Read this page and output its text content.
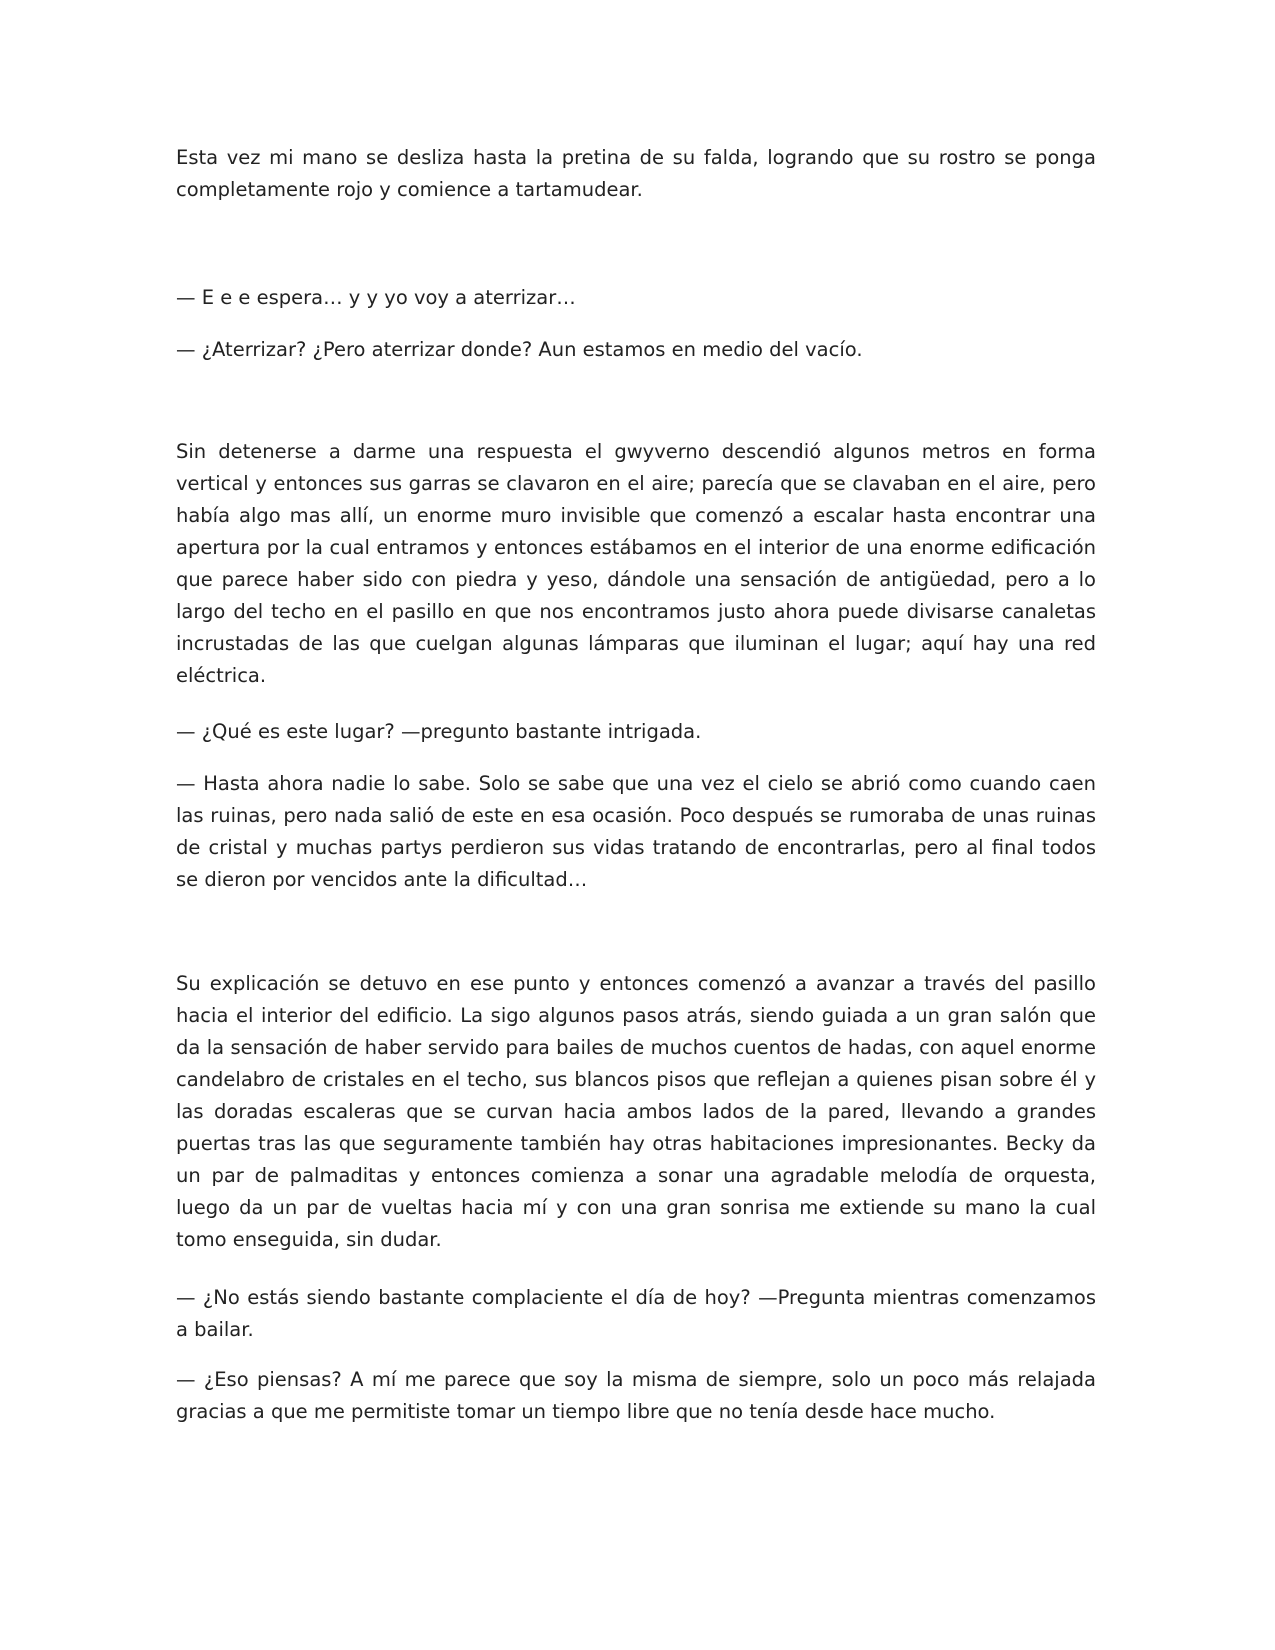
Esta vez mi mano se desliza hasta la pretina de su falda, logrando que su rostro se ponga completamente rojo y comience a tartamudear.

— E e e espera… y y yo voy a aterrizar…

— ¿Aterrizar? ¿Pero aterrizar donde? Aun estamos en medio del vacío.

Sin detenerse a darme una respuesta el gwyverno descendió algunos metros en forma vertical y entonces sus garras se clavaron en el aire; parecía que se clavaban en el aire, pero había algo mas allí, un enorme muro invisible que comenzó a escalar hasta encontrar una apertura por la cual entramos y entonces estábamos en el interior de una enorme edificación que parece haber sido con piedra y yeso, dándole una sensación de antigüedad, pero a lo largo del techo en el pasillo en que nos encontramos justo ahora puede divisarse canaletas incrustadas de las que cuelgan algunas lámparas que iluminan el lugar; aquí hay una red eléctrica.

— ¿Qué es este lugar? —pregunto bastante intrigada.

— Hasta ahora nadie lo sabe. Solo se sabe que una vez el cielo se abrió como cuando caen las ruinas, pero nada salió de este en esa ocasión. Poco después se rumoraba de unas ruinas de cristal y muchas partys perdieron sus vidas tratando de encontrarlas, pero al final todos se dieron por vencidos ante la dificultad…

Su explicación se detuvo en ese punto y entonces comenzó a avanzar a través del pasillo hacia el interior del edificio. La sigo algunos pasos atrás, siendo guiada a un gran salón que da la sensación de haber servido para bailes de muchos cuentos de hadas, con aquel enorme candelabro de cristales en el techo, sus blancos pisos que reflejan a quienes pisan sobre él y las doradas escaleras que se curvan hacia ambos lados de la pared, llevando a grandes puertas tras las que seguramente también hay otras habitaciones impresionantes. Becky da un par de palmaditas y entonces comienza a sonar una agradable melodía de orquesta, luego da un par de vueltas hacia mí y con una gran sonrisa me extiende su mano la cual tomo enseguida, sin dudar.

— ¿No estás siendo bastante complaciente el día de hoy? —Pregunta mientras comenzamos a bailar.

— ¿Eso piensas? A mí me parece que soy la misma de siempre, solo un poco más relajada gracias a que me permitiste tomar un tiempo libre que no tenía desde hace mucho.
